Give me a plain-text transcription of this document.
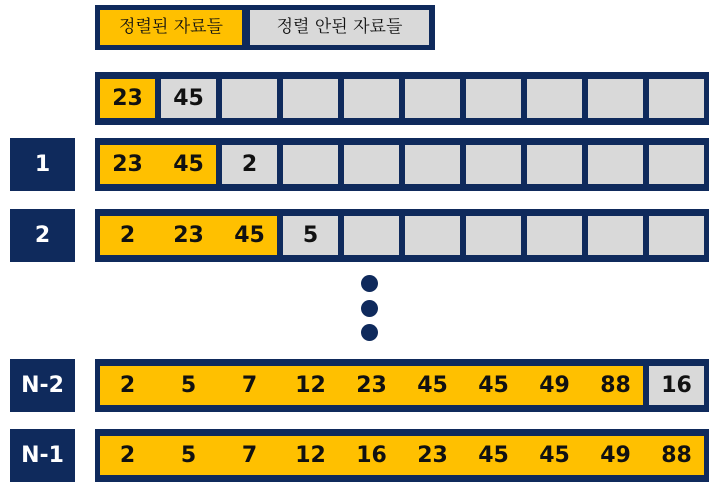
정렬된 자료들	정렬 안된 자료들
23	45
1	23	45	2
2	2	23	45	5
N-2	2	5	7	12	23	45	45	49	88	16
N-1	2	5	7	12	16	23	45	45	49	88
